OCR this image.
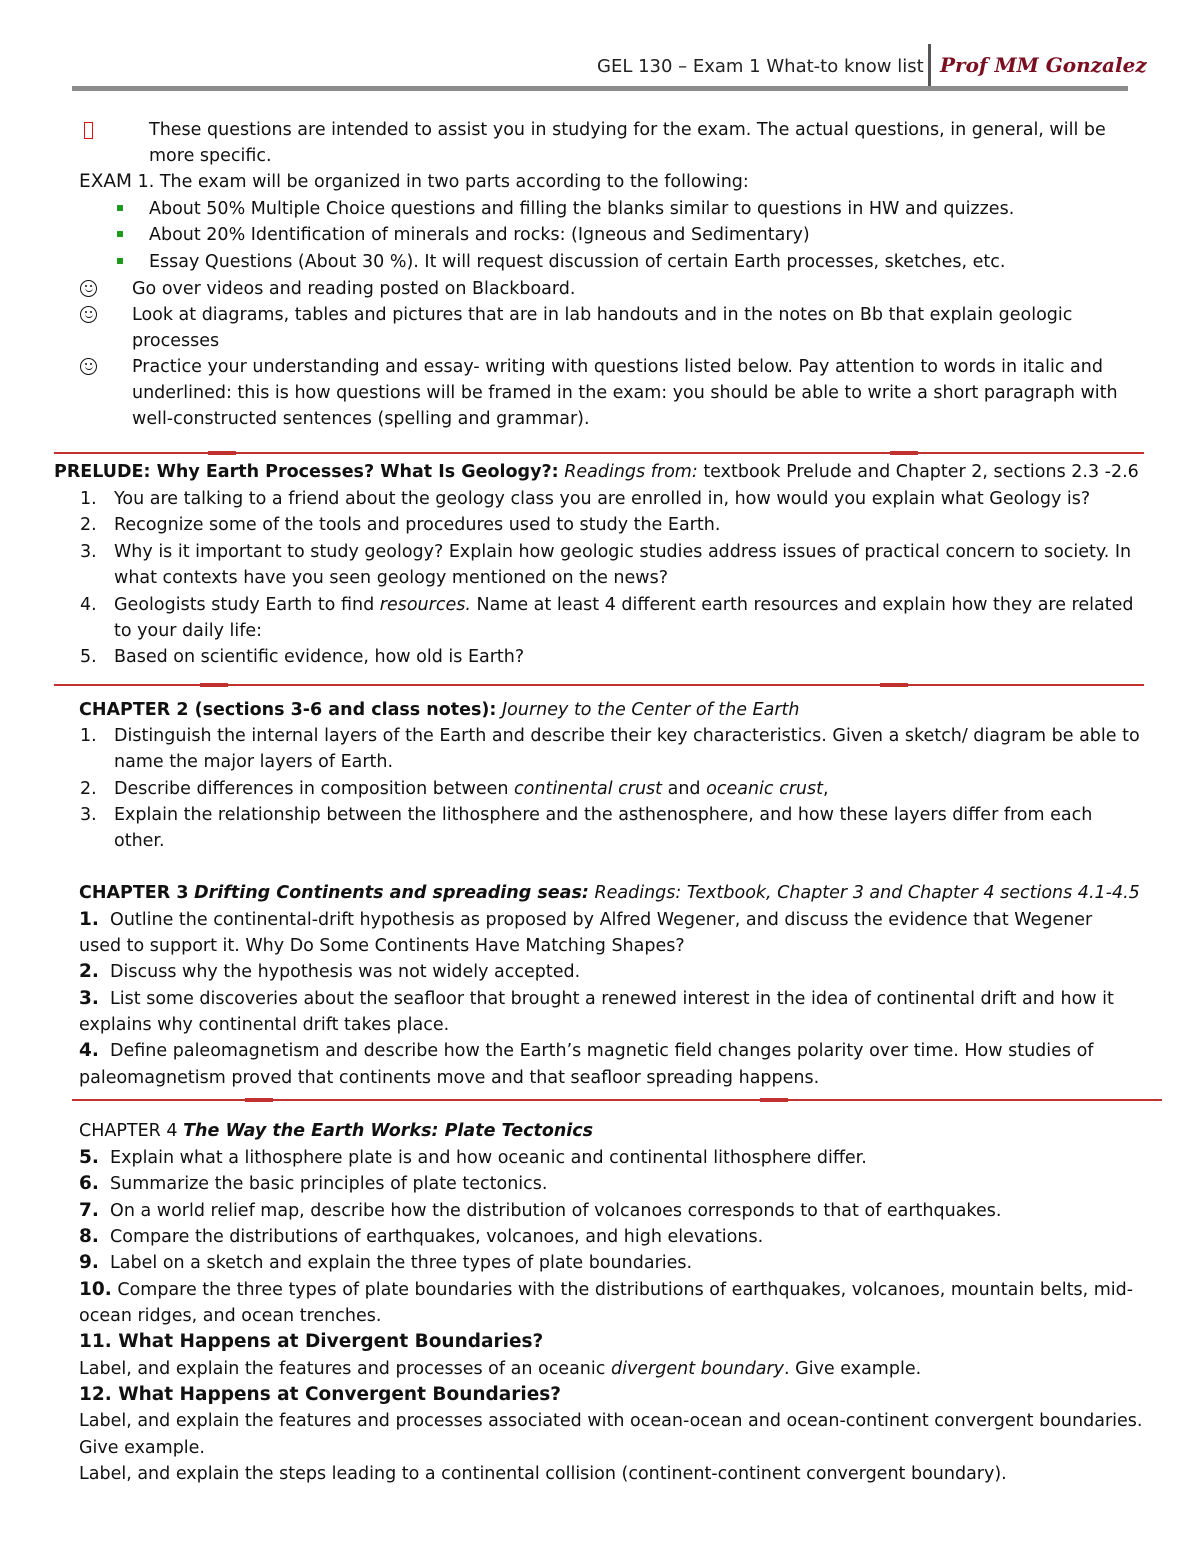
GEL 130 – Exam 1 What-to know list Prof MM Gonzalez
These questions are intended to assist you in studying for the exam. The actual questions, in general, will be
more specific.
EXAM 1. The exam will be organized in two parts according to the following:
About 50% Multiple Choice questions and filling the blanks similar to questions in HW and quizzes.
About 20% Identification of minerals and rocks: (Igneous and Sedimentary)
Essay Questions (About 30 %). It will request discussion of certain Earth processes, sketches, etc.
Go over videos and reading posted on Blackboard.
Look at diagrams, tables and pictures that are in lab handouts and in the notes on Bb that explain geologic
processes
Practice your understanding and essay- writing with questions listed below. Pay attention to words in italic and
underlined: this is how questions will be framed in the exam: you should be able to write a short paragraph with
well-constructed sentences (spelling and grammar).
PRELUDE: Why Earth Processes? What Is Geology?: Readings from: textbook Prelude and Chapter 2, sections 2.3 -2.6
1. You are talking to a friend about the geology class you are enrolled in, how would you explain what Geology is?
2. Recognize some of the tools and procedures used to study the Earth.
3. Why is it important to study geology? Explain how geologic studies address issues of practical concern to society. In
what contexts have you seen geology mentioned on the news?
4. Geologists study Earth to find resources. Name at least 4 different earth resources and explain how they are related
to your daily life:
5. Based on scientific evidence, how old is Earth?
CHAPTER 2 (sections 3-6 and class notes): Journey to the Center of the Earth
1. Distinguish the internal layers of the Earth and describe their key characteristics. Given a sketch/ diagram be able to
name the major layers of Earth.
2. Describe differences in composition between continental crust and oceanic crust,
3. Explain the relationship between the lithosphere and the asthenosphere, and how these layers differ from each
other.
CHAPTER 3 Drifting Continents and spreading seas: Readings: Textbook, Chapter 3 and Chapter 4 sections 4.1-4.5
1. Outline the continental-drift hypothesis as proposed by Alfred Wegener, and discuss the evidence that Wegener
used to support it. Why Do Some Continents Have Matching Shapes?
2. Discuss why the hypothesis was not widely accepted.
3. List some discoveries about the seafloor that brought a renewed interest in the idea of continental drift and how it
explains why continental drift takes place.
4. Define paleomagnetism and describe how the Earth’s magnetic field changes polarity over time. How studies of
paleomagnetism proved that continents move and that seafloor spreading happens.
CHAPTER 4 The Way the Earth Works: Plate Tectonics
5. Explain what a lithosphere plate is and how oceanic and continental lithosphere differ.
6. Summarize the basic principles of plate tectonics.
7. On a world relief map, describe how the distribution of volcanoes corresponds to that of earthquakes.
8. Compare the distributions of earthquakes, volcanoes, and high elevations.
9. Label on a sketch and explain the three types of plate boundaries.
10. Compare the three types of plate boundaries with the distributions of earthquakes, volcanoes, mountain belts, mid-
ocean ridges, and ocean trenches.
11. What Happens at Divergent Boundaries?
Label, and explain the features and processes of an oceanic divergent boundary. Give example.
12. What Happens at Convergent Boundaries?
Label, and explain the features and processes associated with ocean-ocean and ocean-continent convergent boundaries.
Give example.
Label, and explain the steps leading to a continental collision (continent-continent convergent boundary).
